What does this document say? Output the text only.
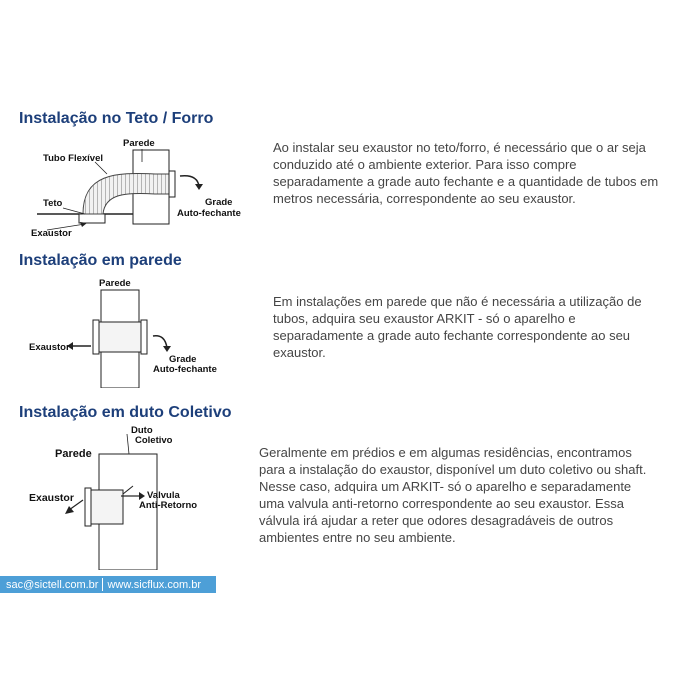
Instalação no Teto / Forro
Parede
Tubo Flexível
Teto
Exaustor
Grade
Auto-fechante
Ao instalar seu exaustor no teto/forro, é necessário que o ar seja
conduzido até o ambiente exterior. Para isso compre
separadamente a grade auto fechante e a quantidade de tubos em
metros necessária, correspondente ao seu exaustor.
Instalação em parede
Parede
Exaustor
Grade
Auto-fechante
Em instalações em parede que não é necessária a utilização de
tubos, adquira seu exaustor ARKIT - só o aparelho e
separadamente a grade auto fechante correspondente ao seu
exaustor.
Instalação em duto Coletivo
Duto
Coletivo
Parede
Exaustor	Valvula
Anti-Retorno
Geralmente em prédios e em algumas residências, encontramos
para a instalação do exaustor, disponível um duto coletivo ou shaft.
Nesse caso, adquira um ARKIT- só o aparelho e separadamente
uma valvula anti-retorno correspondente ao seu exaustor. Essa
válvula irá ajudar a reter que odores desagradáveis de outros
ambientes entre no seu ambiente.
sac@sictell.com.br www.sicflux.com.br
